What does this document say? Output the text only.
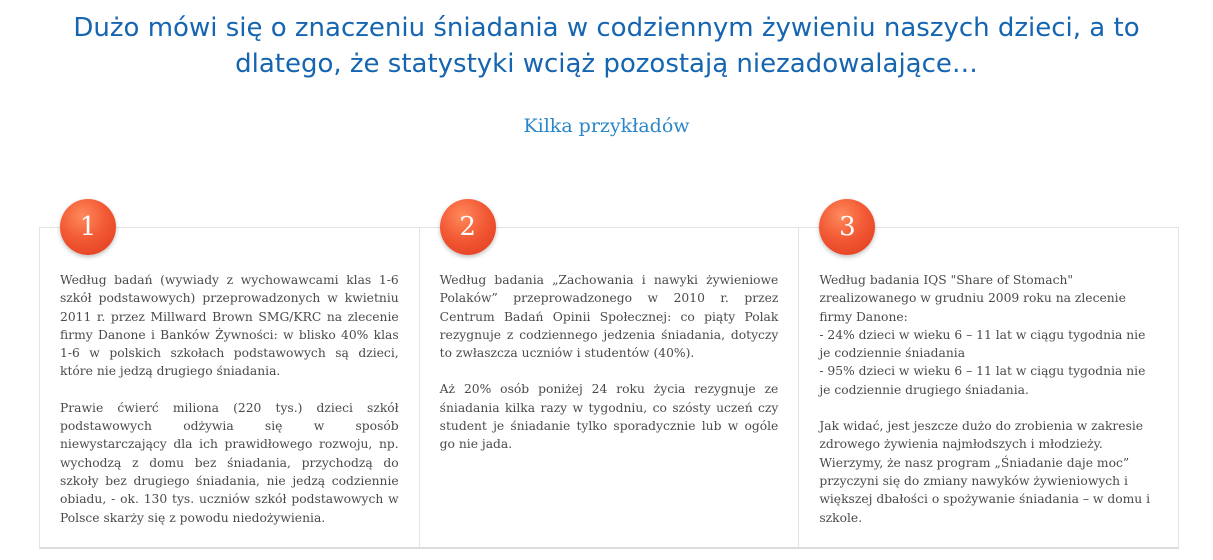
Dużo mówi się o znaczeniu śniadania w codziennym żywieniu naszych dzieci, a to dlatego, że statystyki wciąż pozostają niezadowalające…
Kilka przykładów
1

Według badań (wywiady z wychowawcami klas 1-6 szkół podstawowych) przeprowadzonych w kwietniu 2011 r. przez Millward Brown SMG/KRC na zlecenie firmy Danone i Banków Żywności: w blisko 40% klas 1-6 w polskich szkołach podstawowych są dzieci, które nie jedzą drugiego śniadania.

Prawie ćwierć miliona (220 tys.) dzieci szkół podstawowych odżywia się w sposób niewystarczający dla ich prawidłowego rozwoju, np. wychodzą z domu bez śniadania, przychodzą do szkoły bez drugiego śniadania, nie jedzą codziennie obiadu, - ok. 130 tys. uczniów szkół podstawowych w Polsce skarży się z powodu niedożywienia.

2

Według badania „Zachowania i nawyki żywieniowe Polaków” przeprowadzonego w 2010 r. przez Centrum Badań Opinii Społecznej: co piąty Polak rezygnuje z codziennego jedzenia śniadania, dotyczy to zwłaszcza uczniów i studentów (40%).

Aż 20% osób poniżej 24 roku życia rezygnuje ze śniadania kilka razy w tygodniu, co szósty uczeń czy student je śniadanie tylko sporadycznie lub w ogóle go nie jada.

3

Według badania IQS "Share of Stomach" zrealizowanego w grudniu 2009 roku na zlecenie firmy Danone:
- 24% dzieci w wieku 6 – 11 lat w ciągu tygodnia nie je codziennie śniadania
- 95% dzieci w wieku 6 – 11 lat w ciągu tygodnia nie je codziennie drugiego śniadania.

Jak widać, jest jeszcze dużo do zrobienia w zakresie zdrowego żywienia najmłodszych i młodzieży. Wierzymy, że nasz program „Śniadanie daje moc” przyczyni się do zmiany nawyków żywieniowych i większej dbałości o spożywanie śniadania – w domu i szkole.
